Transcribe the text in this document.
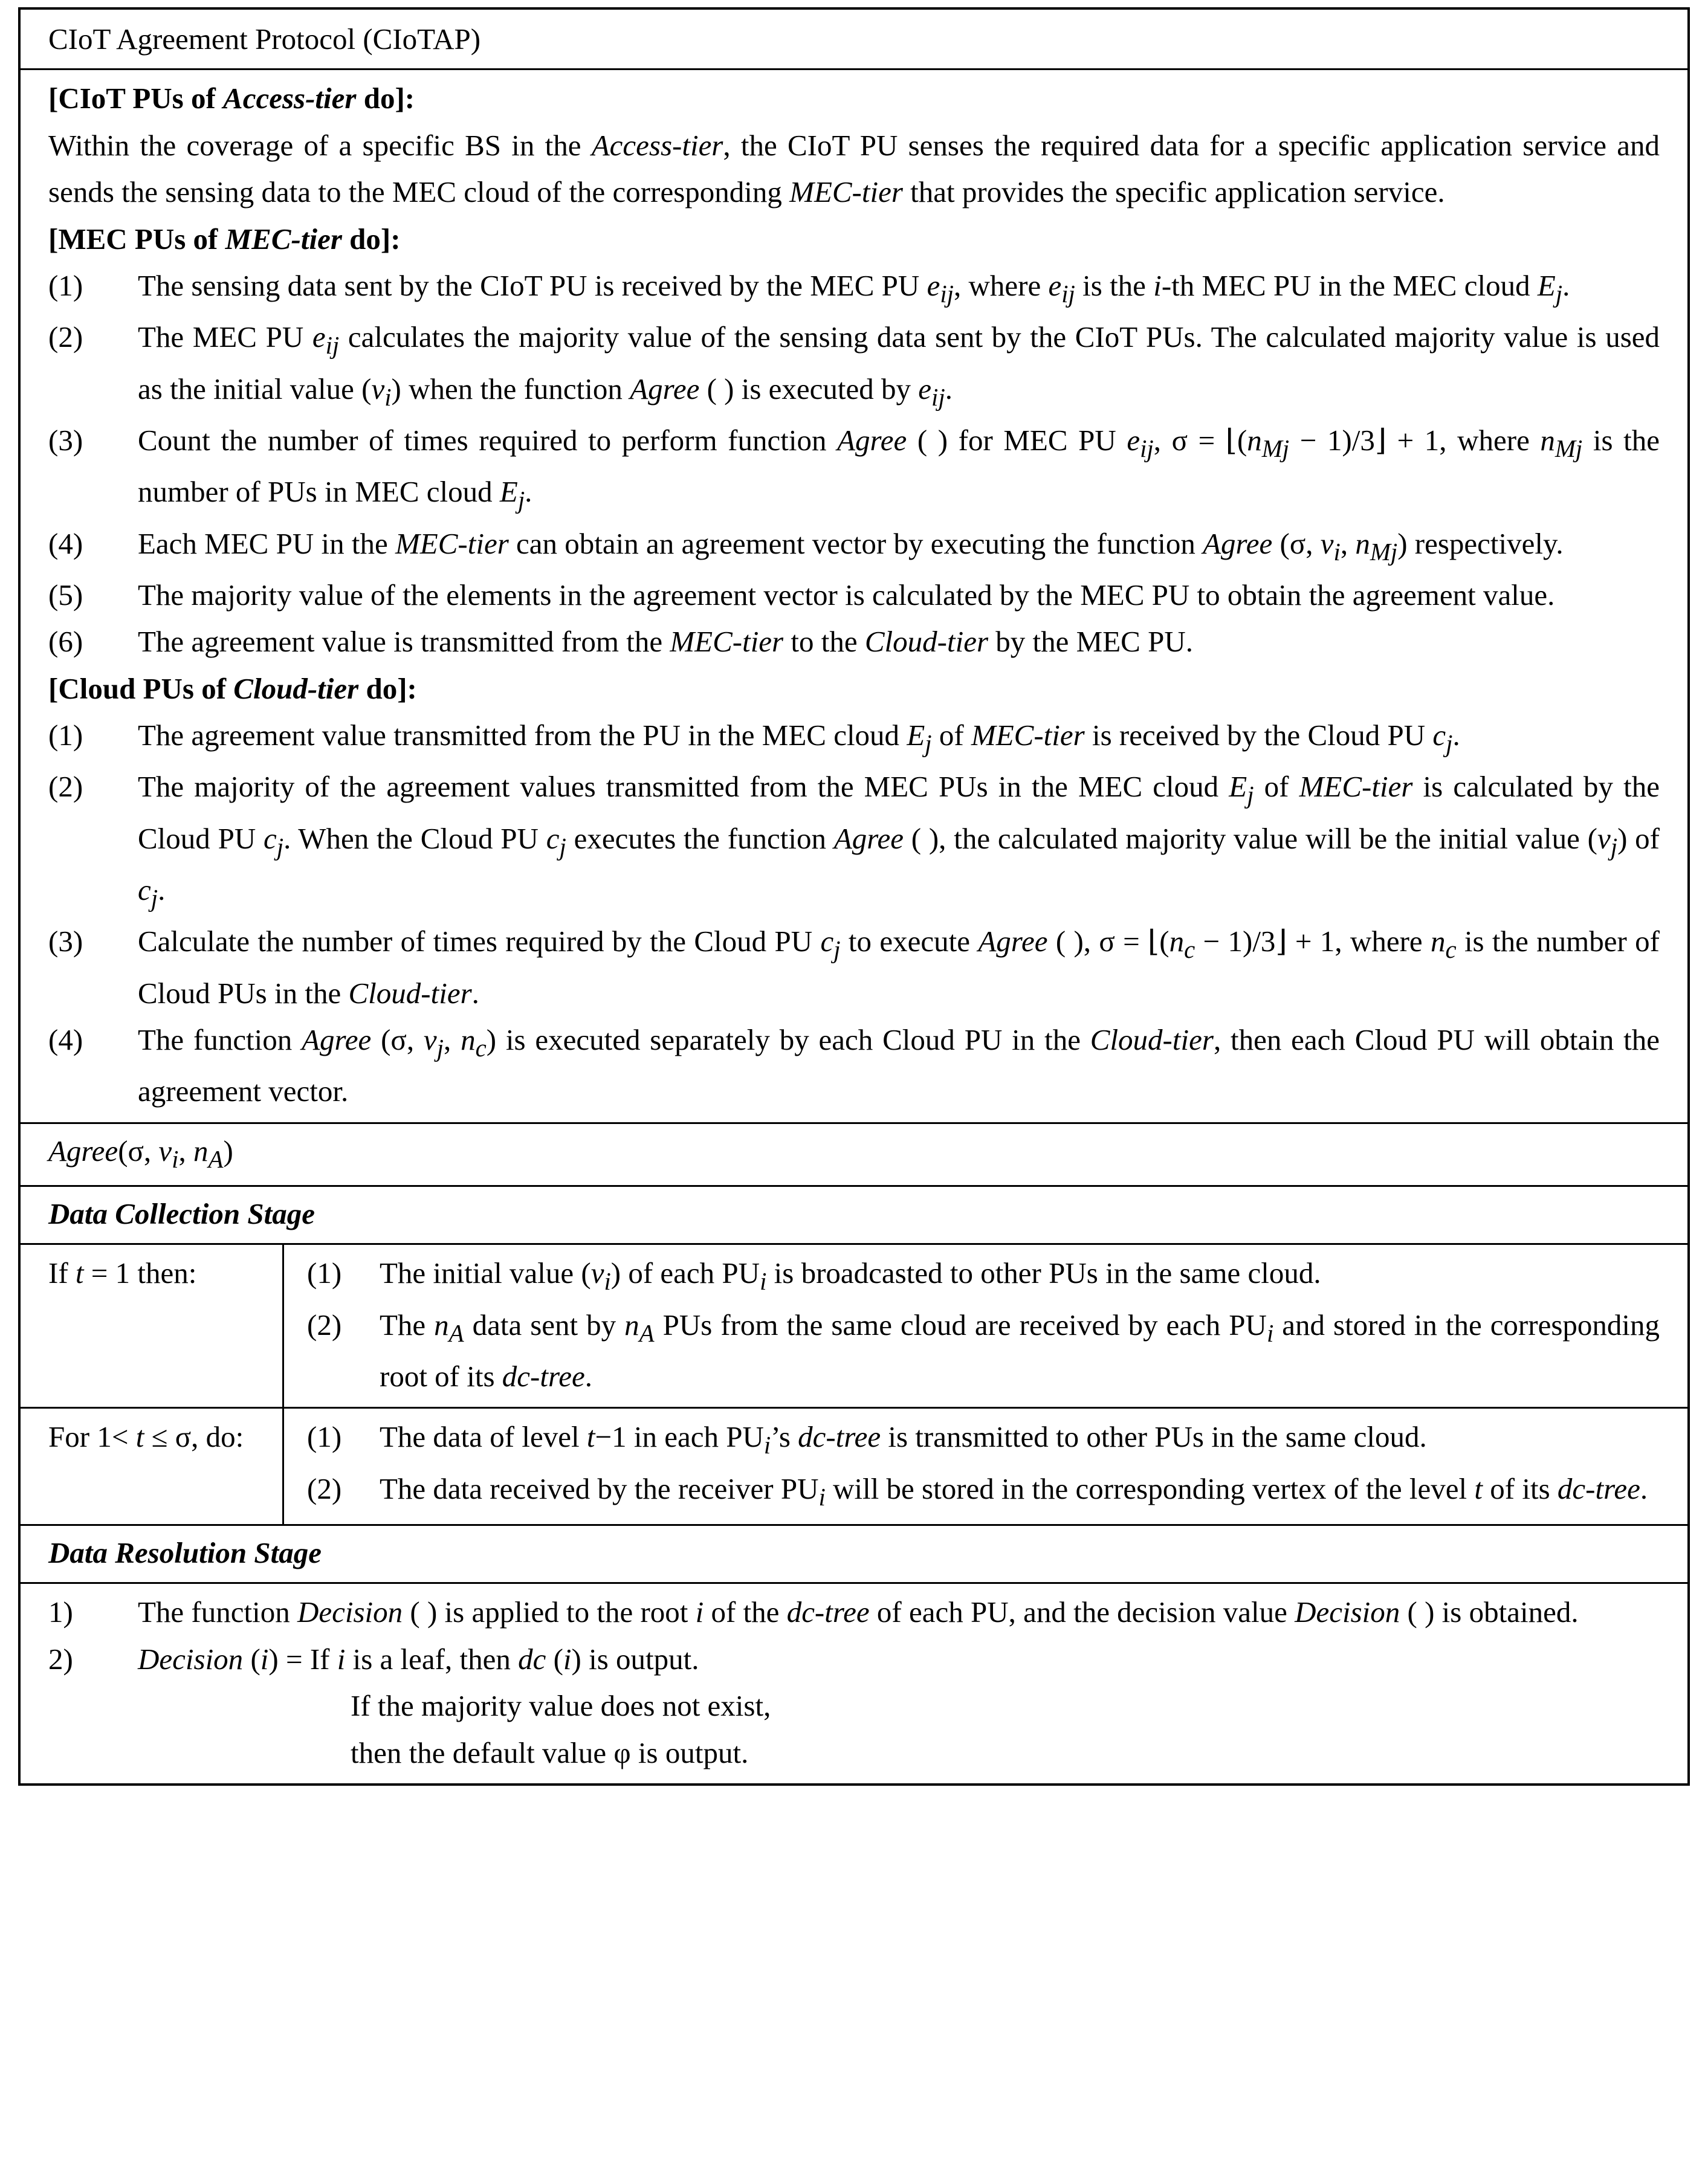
CIoT Agreement Protocol (CIoTAP)

[CIoT PUs of Access-tier do]:

Within the coverage of a specific BS in the Access-tier, the CIoT PU senses the required data for a specific application service and sends the sensing data to the MEC cloud of the corresponding MEC-tier that provides the specific application service.

[MEC PUs of MEC-tier do]:

(1)	The sensing data sent by the CIoT PU is received by the MEC PU $e_{ij}$, where $e_{ij}$ is the i-th MEC PU in the MEC cloud $E_j$.
(2)	The MEC PU $e_{ij}$ calculates the majority value of the sensing data sent by the CIoT PUs. The calculated majority value is used as the initial value $(v_i)$ when the function Agree ( ) is executed by $e_{ij}$.
(3)	Count the number of times required to perform function Agree ( ) for MEC PU $e_{ij}$, $\sigma = ⌊(n_{Mj}$ − 1)/3⌋ + 1, where $n_{Mj}$ is the number of PUs in MEC cloud $E_j$.
(4)	Each MEC PU in the MEC-tier can obtain an agreement vector by executing the function Agree (σ, $v_i$, $n_{Mj}$) respectively.
(5)	The majority value of the elements in the agreement vector is calculated by the MEC PU to obtain the agreement value.
(6)	The agreement value is transmitted from the MEC-tier to the Cloud-tier by the MEC PU.

[Cloud PUs of Cloud-tier do]:

(1)	The agreement value transmitted from the PU in the MEC cloud $E_j$ of MEC-tier is received by the Cloud PU $c_j$.
(2)	The majority of the agreement values transmitted from the MEC PUs in the MEC cloud $E_j$ of MEC-tier is calculated by the Cloud PU $c_j$. When the Cloud PU $c_j$ executes the function Agree ( ), the calculated majority value will be the initial value $(v_j)$ of $c_j$.
(3)	Calculate the number of times required by the Cloud PU $c_j$ to execute Agree ( ), $\sigma = ⌊(n_c$ − 1)/3⌋ + 1, where $n_c$ is the number of Cloud PUs in the Cloud-tier.
(4)	The function Agree (σ, $v_j$, $n_c$) is executed separately by each Cloud PU in the Cloud-tier, then each Cloud PU will obtain the agreement vector.
Agree(σ, $v_i$, $n_A$)
Data Collection Stage
If t = 1 then:	(1)	The initial value $(v_i)$ of each $PU_i$ is broadcasted to other PUs in the same cloud.
(2)	The $n_A$ data sent by $n_A$ PUs from the same cloud are received by each $PU_i$ and stored in the corresponding root of its dc-tree.
For 1< t ≤ σ, do:	(1)	The data of level t−1 in each $PU_i’s$ dc-tree is transmitted to other PUs in the same cloud.
(2)	The data received by the receiver $PU_i$ will be stored in the corresponding vertex of the level t of its dc-tree.
Data Resolution Stage
1)	The function Decision ( ) is applied to the root i of the dc-tree of each PU, and the decision value Decision ( ) is obtained.
2)	Decision (i) = If i is a leaf, then dc (i) is output.
If the majority value does not exist,
then the default value φ is output.
